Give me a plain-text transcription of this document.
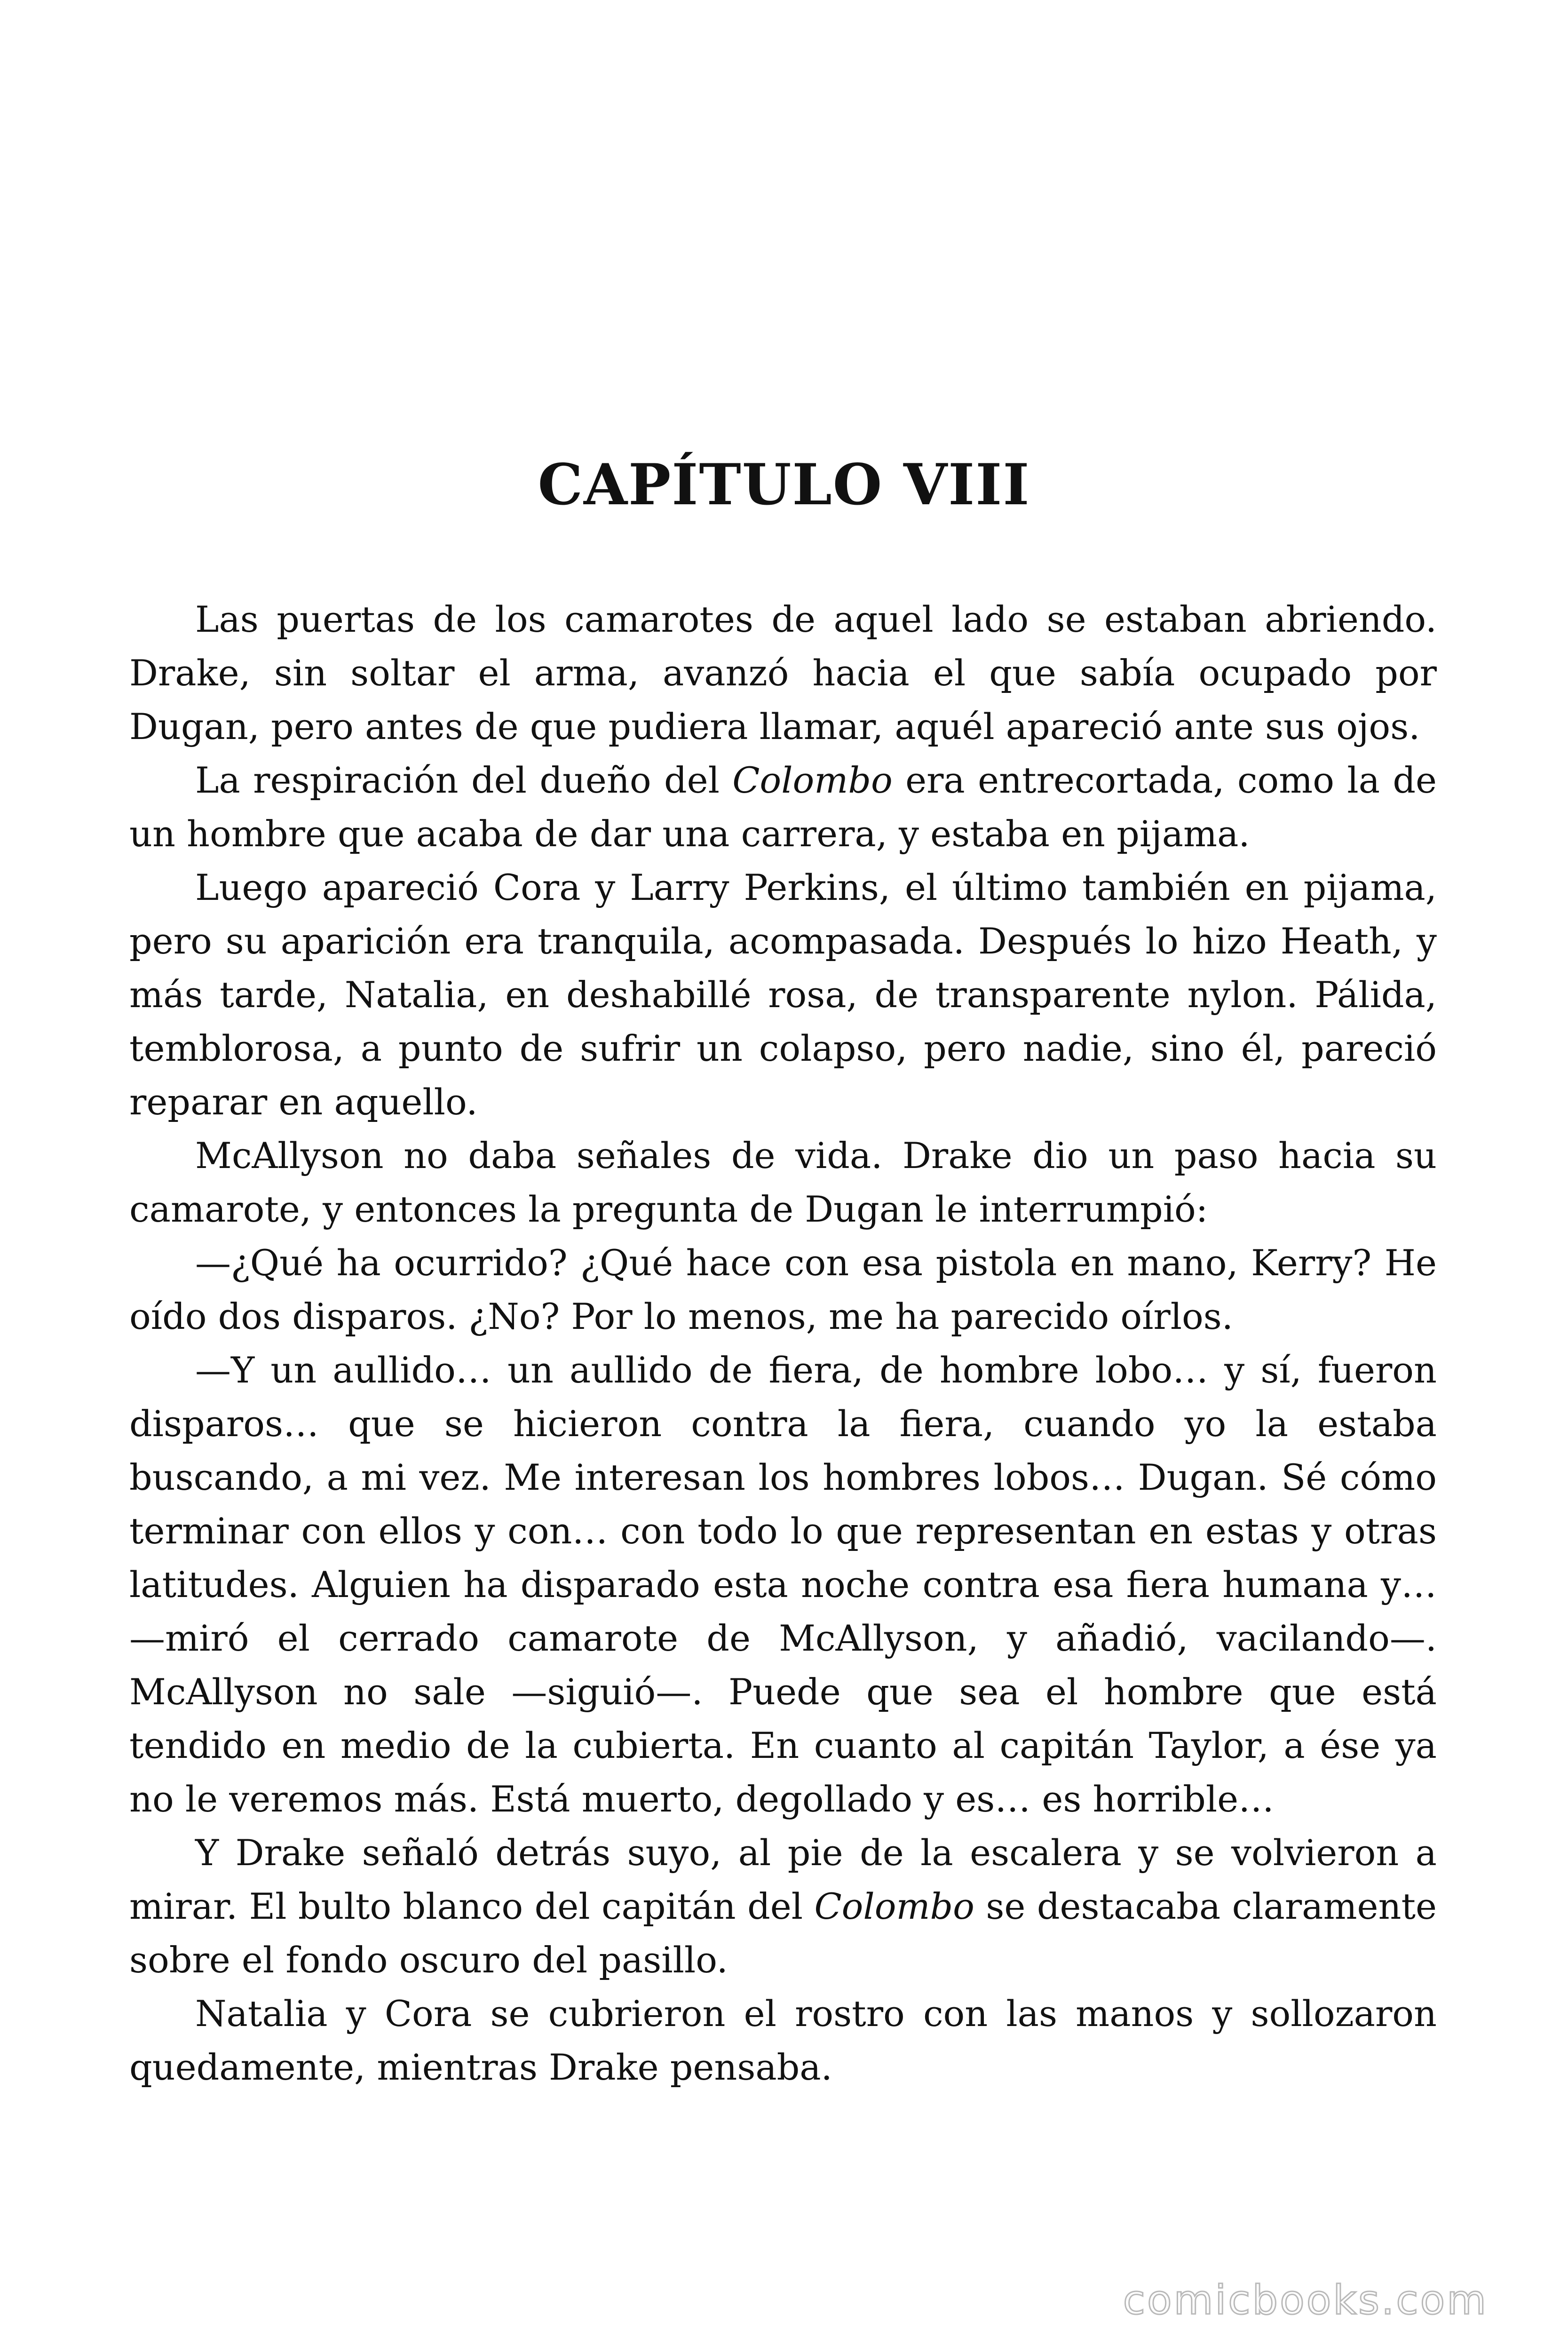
CAPÍTULO VIII

Las puertas de los camarotes de aquel lado se estaban abriendo. Drake, sin soltar el arma, avanzó hacia el que sabía ocupado por Dugan, pero antes de que pudiera llamar, aquél apareció ante sus ojos.

La respiración del dueño del Colombo era entrecortada, como la de un hombre que acaba de dar una carrera, y estaba en pijama.

Luego apareció Cora y Larry Perkins, el último también en pijama, pero su aparición era tranquila, acompasada. Después lo hizo Heath, y más tarde, Natalia, en deshabillé rosa, de transparente nylon. Pálida, temblorosa, a punto de sufrir un colapso, pero nadie, sino él, pareció reparar en aquello.

McAllyson no daba señales de vida. Drake dio un paso hacia su camarote, y entonces la pregunta de Dugan le interrumpió:

—¿Qué ha ocurrido? ¿Qué hace con esa pistola en mano, Kerry? He oído dos disparos. ¿No? Por lo menos, me ha parecido oírlos.

—Y un aullido… un aullido de fiera, de hombre lobo… y sí, fueron disparos… que se hicieron contra la fiera, cuando yo la estaba buscando, a mi vez. Me interesan los hombres lobos… Dugan. Sé cómo terminar con ellos y con… con todo lo que representan en estas y otras latitudes. Alguien ha disparado esta noche contra esa fiera humana y… —miró el cerrado camarote de McAllyson, y añadió, vacilando—. McAllyson no sale —siguió—. Puede que sea el hombre que está tendido en medio de la cubierta. En cuanto al capitán Taylor, a ése ya no le veremos más. Está muerto, degollado y es… es horrible…

Y Drake señaló detrás suyo, al pie de la escalera y se volvieron a mirar. El bulto blanco del capitán del Colombo se destacaba claramente sobre el fondo oscuro del pasillo.

Natalia y Cora se cubrieron el rostro con las manos y sollozaron quedamente, mientras Drake pensaba.

comicbooks.com
